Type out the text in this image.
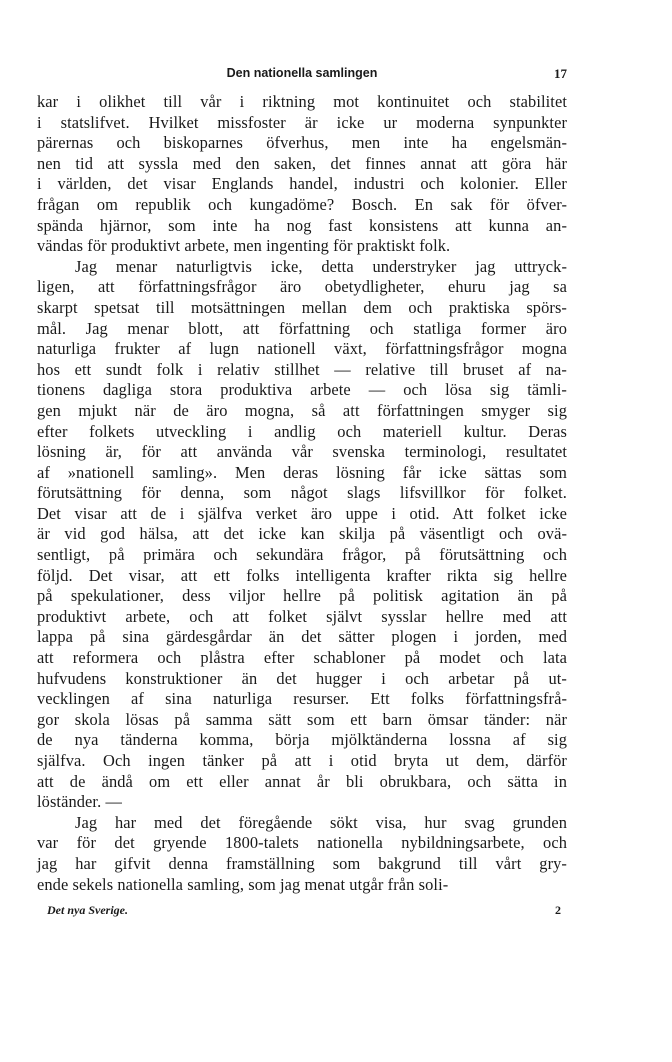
Den nationella samlingen	17
kar i olikhet till vår i riktning mot kontinuitet och stabilitet
i statslifvet. Hvilket missfoster är icke ur moderna synpunkter
pärernas och biskoparnes öfverhus, men inte ha engelsmän-
nen tid att syssla med den saken, det finnes annat att göra här
i världen, det visar Englands handel, industri och kolonier. Eller
frågan om republik och kungadöme? Bosch. En sak för öfver-
spända hjärnor, som inte ha nog fast konsistens att kunna an-
vändas för produktivt arbete, men ingenting för praktiskt folk.
Jag menar naturligtvis icke, detta understryker jag uttryck-
ligen, att författningsfrågor äro obetydligheter, ehuru jag sa
skarpt spetsat till motsättningen mellan dem och praktiska spörs-
mål. Jag menar blott, att författning och statliga former äro
naturliga frukter af lugn nationell växt, författningsfrågor mogna
hos ett sundt folk i relativ stillhet — relative till bruset af na-
tionens dagliga stora produktiva arbete — och lösa sig tämli-
gen mjukt när de äro mogna, så att författningen smyger sig
efter folkets utveckling i andlig och materiell kultur. Deras
lösning är, för att använda vår svenska terminologi, resultatet
af »nationell samling». Men deras lösning får icke sättas som
förutsättning för denna, som något slags lifsvillkor för folket.
Det visar att de i själfva verket äro uppe i otid. Att folket icke
är vid god hälsa, att det icke kan skilja på väsentligt och ovä-
sentligt, på primära och sekundära frågor, på förutsättning och
följd. Det visar, att ett folks intelligenta krafter rikta sig hellre
på spekulationer, dess viljor hellre på politisk agitation än på
produktivt arbete, och att folket självt sysslar hellre med att
lappa på sina gärdesgårdar än det sätter plogen i jorden, med
att reformera och plåstra efter schabloner på modet och lata
hufvudens konstruktioner än det hugger i och arbetar på ut-
vecklingen af sina naturliga resurser. Ett folks författningsfrå-
gor skola lösas på samma sätt som ett barn ömsar tänder: när
de nya tänderna komma, börja mjölktänderna lossna af sig
själfva. Och ingen tänker på att i otid bryta ut dem, därför
att de ändå om ett eller annat år bli obrukbara, och sätta in
löständer. —
Jag har med det föregående sökt visa, hur svag grunden
var för det gryende 1800-talets nationella nybildningsarbete, och
jag har gifvit denna framställning som bakgrund till vårt gry-
ende sekels nationella samling, som jag menat utgår från soli-
Det nya Sverige.	2
